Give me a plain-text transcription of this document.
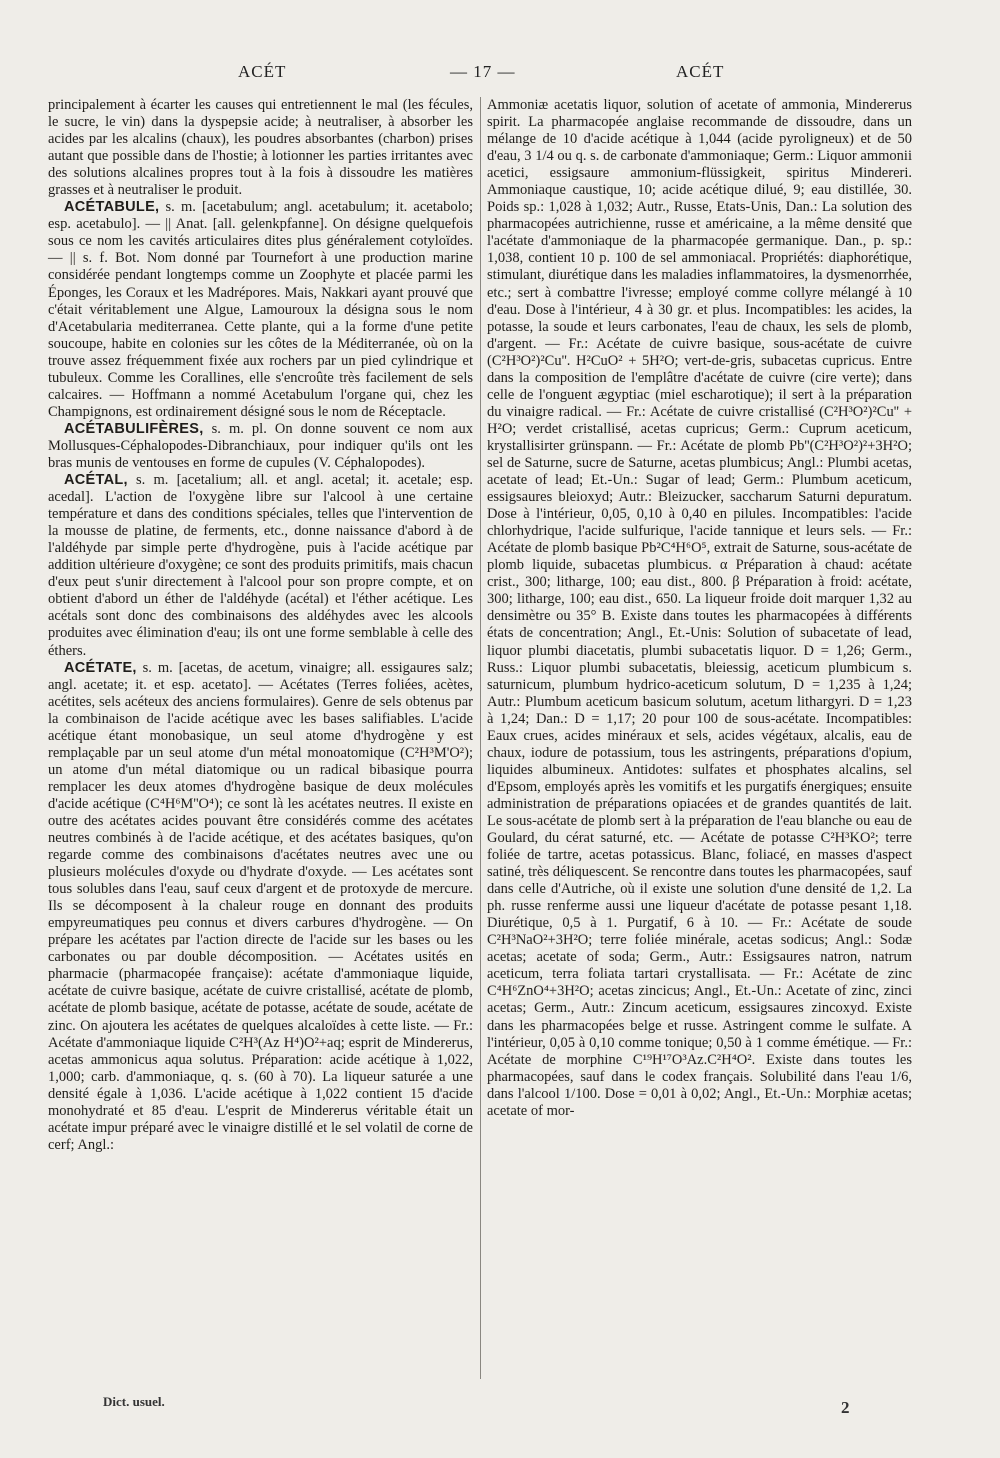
ACÉT	— 17 —	ACÉT

principalement à écarter les causes qui entretiennent le mal (les fécules, le sucre, le vin) dans la dyspepsie acide; à neutraliser, à absorber les acides par les alcalins (chaux), les poudres absorbantes (charbon) prises autant que possible dans de l'hostie; à lotionner les parties irritantes avec des solutions alcalines propres tout à la fois à dissoudre les matières grasses et à neutraliser le produit.

ACÉTABULE, s. m. [acetabulum; angl. acetabulum; it. acetabolo; esp. acetabulo]. — || Anat. [all. gelenkpfanne]. On désigne quelquefois sous ce nom les cavités articulaires dites plus généralement cotyloïdes. — || s. f. Bot. Nom donné par Tournefort à une production marine considérée pendant longtemps comme un Zoophyte et placée parmi les Éponges, les Coraux et les Madrépores. Mais, Nakkari ayant prouvé que c'était véritablement une Algue, Lamouroux la désigna sous le nom d'Acetabularia mediterranea. Cette plante, qui a la forme d'une petite soucoupe, habite en colonies sur les côtes de la Méditerranée, où on la trouve assez fréquemment fixée aux rochers par un pied cylindrique et tubuleux. Comme les Corallines, elle s'encroûte très facilement de sels calcaires. — Hoffmann a nommé Acetabulum l'organe qui, chez les Champignons, est ordinairement désigné sous le nom de Réceptacle.

ACÉTABULIFÈRES, s. m. pl. On donne souvent ce nom aux Mollusques-Céphalopodes-Dibranchiaux, pour indiquer qu'ils ont les bras munis de ventouses en forme de cupules (V. Céphalopodes).

ACÉTAL, s. m. [acetalium; all. et angl. acetal; it. acetale; esp. acedal]. L'action de l'oxygène libre sur l'alcool à une certaine température et dans des conditions spéciales, telles que l'intervention de la mousse de platine, de ferments, etc., donne naissance d'abord à de l'aldéhyde par simple perte d'hydrogène, puis à l'acide acétique par addition ultérieure d'oxygène; ce sont des produits primitifs, mais chacun d'eux peut s'unir directement à l'alcool pour son propre compte, et on obtient d'abord un éther de l'aldéhyde (acétal) et l'éther acétique. Les acétals sont donc des combinaisons des aldéhydes avec les alcools produites avec élimination d'eau; ils ont une forme semblable à celle des éthers.

ACÉTATE, s. m. [acetas, de acetum, vinaigre; all. essigaures salz; angl. acetate; it. et esp. acetato]. — Acétates (Terres foliées, acètes, acétites, sels acéteux des anciens formulaires). Genre de sels obtenus par la combinaison de l'acide acétique avec les bases salifiables. L'acide acétique étant monobasique, un seul atome d'hydrogène y est remplaçable par un seul atome d'un métal monoatomique (C²H³M'O²); un atome d'un métal diatomique ou un radical bibasique pourra remplacer les deux atomes d'hydrogène basique de deux molécules d'acide acétique (C⁴H⁶M''O⁴); ce sont là les acétates neutres. Il existe en outre des acétates acides pouvant être considérés comme des acétates neutres combinés à de l'acide acétique, et des acétates basiques, qu'on regarde comme des combinaisons d'acétates neutres avec une ou plusieurs molécules d'oxyde ou d'hydrate d'oxyde. — Les acétates sont tous solubles dans l'eau, sauf ceux d'argent et de protoxyde de mercure. Ils se décomposent à la chaleur rouge en donnant des produits empyreumatiques peu connus et divers carbures d'hydrogène. — On prépare les acétates par l'action directe de l'acide sur les bases ou les carbonates ou par double décomposition. — Acétates usités en pharmacie (pharmacopée française): acétate d'ammoniaque liquide, acétate de cuivre basique, acétate de cuivre cristallisé, acétate de plomb, acétate de plomb basique, acétate de potasse, acétate de soude, acétate de zinc. On ajoutera les acétates de quelques alcaloïdes à cette liste. — Fr.: Acétate d'ammoniaque liquide C²H³(Az H⁴)O²+aq; esprit de Mindererus, acetas ammonicus aqua solutus. Préparation: acide acétique à 1,022, 1,000; carb. d'ammoniaque, q. s. (60 à 70). La liqueur saturée a une densité égale à 1,036. L'acide acétique à 1,022 contient 15 d'acide monohydraté et 85 d'eau. L'esprit de Mindererus véritable était un acétate impur préparé avec le vinaigre distillé et le sel volatil de corne de cerf; Angl.:

Ammoniæ acetatis liquor, solution of acetate of ammonia, Mindererus spirit. La pharmacopée anglaise recommande de dissoudre, dans un mélange de 10 d'acide acétique à 1,044 (acide pyroligneux) et de 50 d'eau, 3 1/4 ou q. s. de carbonate d'ammoniaque; Germ.: Liquor ammonii acetici, essigsaure ammonium-flüssigkeit, spiritus Mindereri. Ammoniaque caustique, 10; acide acétique dilué, 9; eau distillée, 30. Poids sp.: 1,028 à 1,032; Autr., Russe, Etats-Unis, Dan.: La solution des pharmacopées autrichienne, russe et américaine, a la même densité que l'acétate d'ammoniaque de la pharmacopée germanique. Dan., p. sp.: 1,038, contient 10 p. 100 de sel ammoniacal. Propriétés: diaphorétique, stimulant, diurétique dans les maladies inflammatoires, la dysmenorrhée, etc.; sert à combattre l'ivresse; employé comme collyre mélangé à 10 d'eau. Dose à l'intérieur, 4 à 30 gr. et plus. Incompatibles: les acides, la potasse, la soude et leurs carbonates, l'eau de chaux, les sels de plomb, d'argent. — Fr.: Acétate de cuivre basique, sous-acétate de cuivre (C²H³O²)²Cu''. H²CuO² + 5H²O; vert-de-gris, subacetas cupricus. Entre dans la composition de l'emplâtre d'acétate de cuivre (cire verte); dans celle de l'onguent ægyptiac (miel escharotique); il sert à la préparation du vinaigre radical. — Fr.: Acétate de cuivre cristallisé (C²H³O²)²Cu'' + H²O; verdet cristallisé, acetas cupricus; Germ.: Cuprum aceticum, krystallisirter grünspann. — Fr.: Acétate de plomb Pb''(C²H³O²)²+3H²O; sel de Saturne, sucre de Saturne, acetas plumbicus; Angl.: Plumbi acetas, acetate of lead; Et.-Un.: Sugar of lead; Germ.: Plumbum aceticum, essigsaures bleioxyd; Autr.: Bleizucker, saccharum Saturni depuratum. Dose à l'intérieur, 0,05, 0,10 à 0,40 en pilules. Incompatibles: l'acide chlorhydrique, l'acide sulfurique, l'acide tannique et leurs sels. — Fr.: Acétate de plomb basique Pb²C⁴H⁶O⁵, extrait de Saturne, sous-acétate de plomb liquide, subacetas plumbicus. α Préparation à chaud: acétate crist., 300; litharge, 100; eau dist., 800. β Préparation à froid: acétate, 300; litharge, 100; eau dist., 650. La liqueur froide doit marquer 1,32 au densimètre ou 35° B. Existe dans toutes les pharmacopées à différents états de concentration; Angl., Et.-Unis: Solution of subacetate of lead, liquor plumbi diacetatis, plumbi subacetatis liquor. D = 1,26; Germ., Russ.: Liquor plumbi subacetatis, bleiessig, aceticum plumbicum s. saturnicum, plumbum hydrico-aceticum solutum, D = 1,235 à 1,24; Autr.: Plumbum aceticum basicum solutum, acetum lithargyri. D = 1,23 à 1,24; Dan.: D = 1,17; 20 pour 100 de sous-acétate. Incompatibles: Eaux crues, acides minéraux et sels, acides végétaux, alcalis, eau de chaux, iodure de potassium, tous les astringents, préparations d'opium, liquides albumineux. Antidotes: sulfates et phosphates alcalins, sel d'Epsom, employés après les vomitifs et les purgatifs énergiques; ensuite administration de préparations opiacées et de grandes quantités de lait. Le sous-acétate de plomb sert à la préparation de l'eau blanche ou eau de Goulard, du cérat saturné, etc. — Acétate de potasse C²H³KO²; terre foliée de tartre, acetas potassicus. Blanc, foliacé, en masses d'aspect satiné, très déliquescent. Se rencontre dans toutes les pharmacopées, sauf dans celle d'Autriche, où il existe une solution d'une densité de 1,2. La ph. russe renferme aussi une liqueur d'acétate de potasse pesant 1,18. Diurétique, 0,5 à 1. Purgatif, 6 à 10. — Fr.: Acétate de soude C²H³NaO²+3H²O; terre foliée minérale, acetas sodicus; Angl.: Sodæ acetas; acetate of soda; Germ., Autr.: Essigsaures natron, natrum aceticum, terra foliata tartari crystallisata. — Fr.: Acétate de zinc C⁴H⁶ZnO⁴+3H²O; acetas zincicus; Angl., Et.-Un.: Acetate of zinc, zinci acetas; Germ., Autr.: Zincum aceticum, essigsaures zincoxyd. Existe dans les pharmacopées belge et russe. Astringent comme le sulfate. A l'intérieur, 0,05 à 0,10 comme tonique; 0,50 à 1 comme émétique. — Fr.: Acétate de morphine C¹⁹H¹⁷O³Az.C²H⁴O². Existe dans toutes les pharmacopées, sauf dans le codex français. Solubilité dans l'eau 1/6, dans l'alcool 1/100. Dose = 0,01 à 0,02; Angl., Et.-Un.: Morphiæ acetas; acetate of mor-

Dict. usuel.	2
